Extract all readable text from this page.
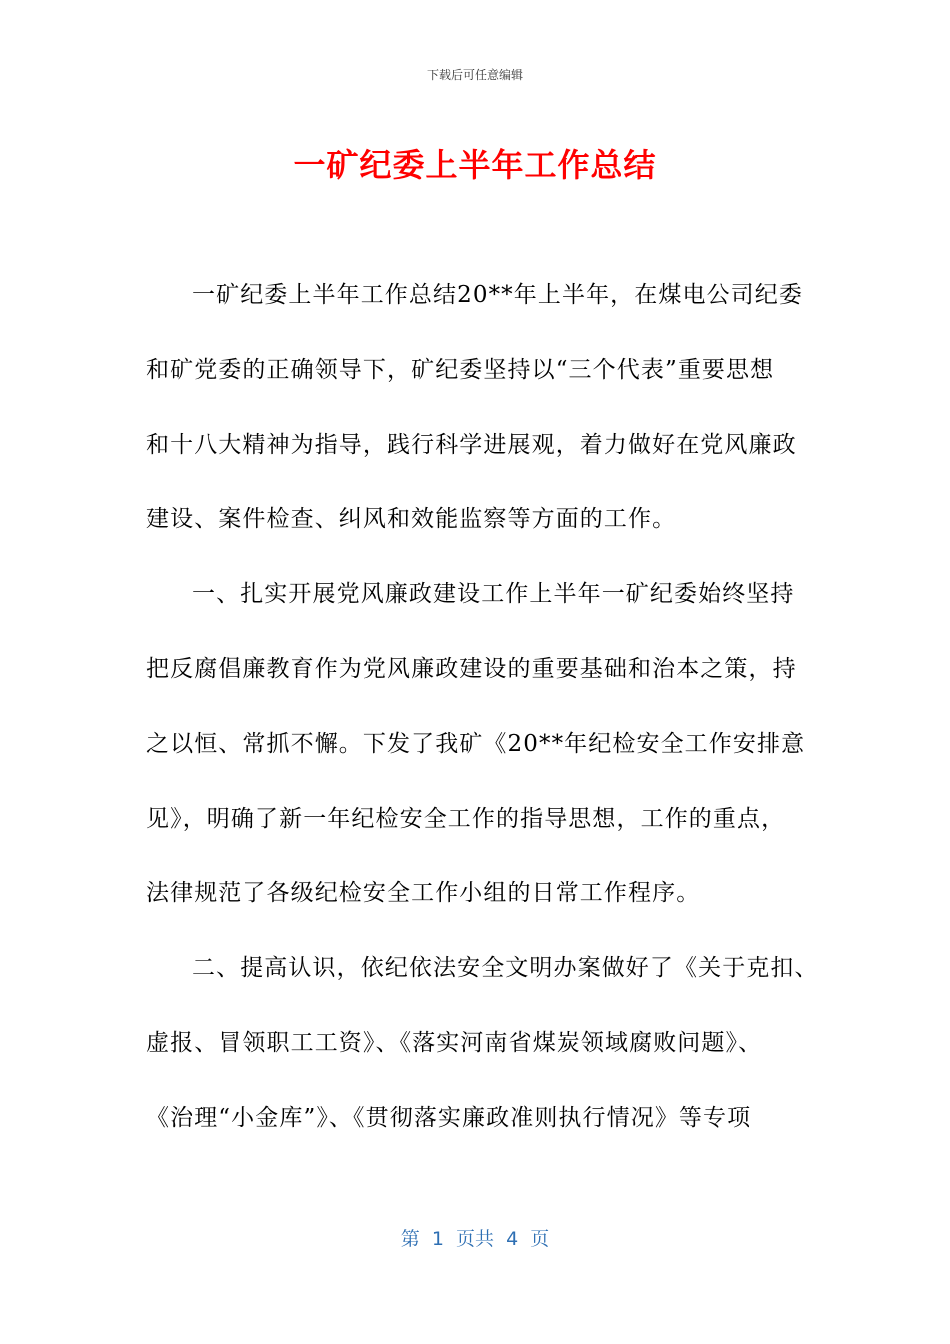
下载后可任意编辑
一矿纪委上半年工作总结
一矿纪委上半年工作总结20**年上半年，在煤电公司纪委
和矿党委的正确领导下，矿纪委坚持以“三个代表”重要思想
和十八大精神为指导，践行科学进展观，着力做好在党风廉政
建设、案件检查、纠风和效能监察等方面的工作。
一、扎实开展党风廉政建设工作上半年一矿纪委始终坚持
把反腐倡廉教育作为党风廉政建设的重要基础和治本之策，持
之以恒、常抓不懈。下发了我矿《20**年纪检安全工作安排意
见》，明确了新一年纪检安全工作的指导思想，工作的重点，
法律规范了各级纪检安全工作小组的日常工作程序。
二、提高认识，依纪依法安全文明办案做好了《关于克扣、
虚报、冒领职工工资》、《落实河南省煤炭领域腐败问题》、
《治理“小金库”》、《贯彻落实廉政准则执行情况》等专项
第  1  页共  4  页
